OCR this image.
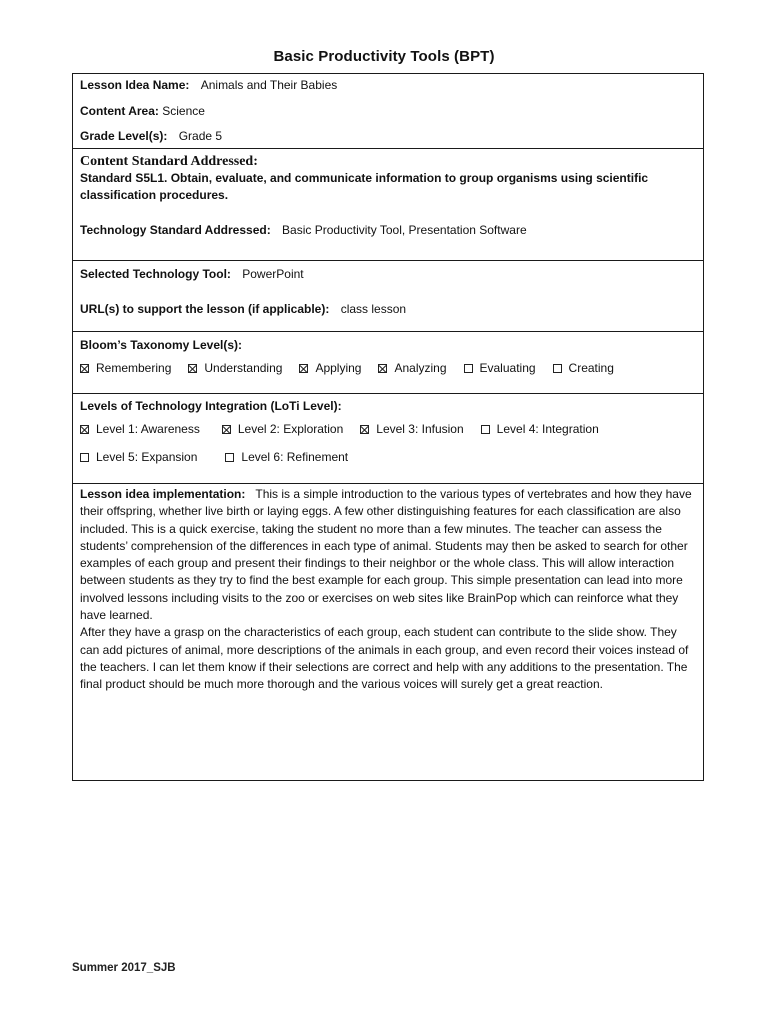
Basic Productivity Tools (BPT)
Lesson Idea Name: Animals and Their Babies
Content Area: Science
Grade Level(s): Grade 5
Content Standard Addressed:
Standard S5L1. Obtain, evaluate, and communicate information to group organisms using scientific classification procedures.
Technology Standard Addressed: Basic Productivity Tool, Presentation Software
Selected Technology Tool: PowerPoint
URL(s) to support the lesson (if applicable): class lesson
Bloom’s Taxonomy Level(s):
Remembering	Understanding	Applying	Analyzing	Evaluating	Creating
Levels of Technology Integration (LoTi Level):
Level 1: Awareness	Level 2: Exploration	Level 3: Infusion	Level 4: Integration
Level 5: Expansion	Level 6: Refinement
Lesson idea implementation: This is a simple introduction to the various types of vertebrates and how they have their offspring, whether live birth or laying eggs. A few other distinguishing features for each classification are also included. This is a quick exercise, taking the student no more than a few minutes. The teacher can assess the students’ comprehension of the differences in each type of animal. Students may then be asked to search for other examples of each group and present their findings to their neighbor or the whole class. This will allow interaction between students as they try to find the best example for each group. This simple presentation can lead into more involved lessons including visits to the zoo or exercises on web sites like BrainPop which can reinforce what they have learned.
After they have a grasp on the characteristics of each group, each student can contribute to the slide show. They can add pictures of animal, more descriptions of the animals in each group, and even record their voices instead of the teachers. I can let them know if their selections are correct and help with any additions to the presentation. The final product should be much more thorough and the various voices will surely get a great reaction.
Summer 2017_SJB
